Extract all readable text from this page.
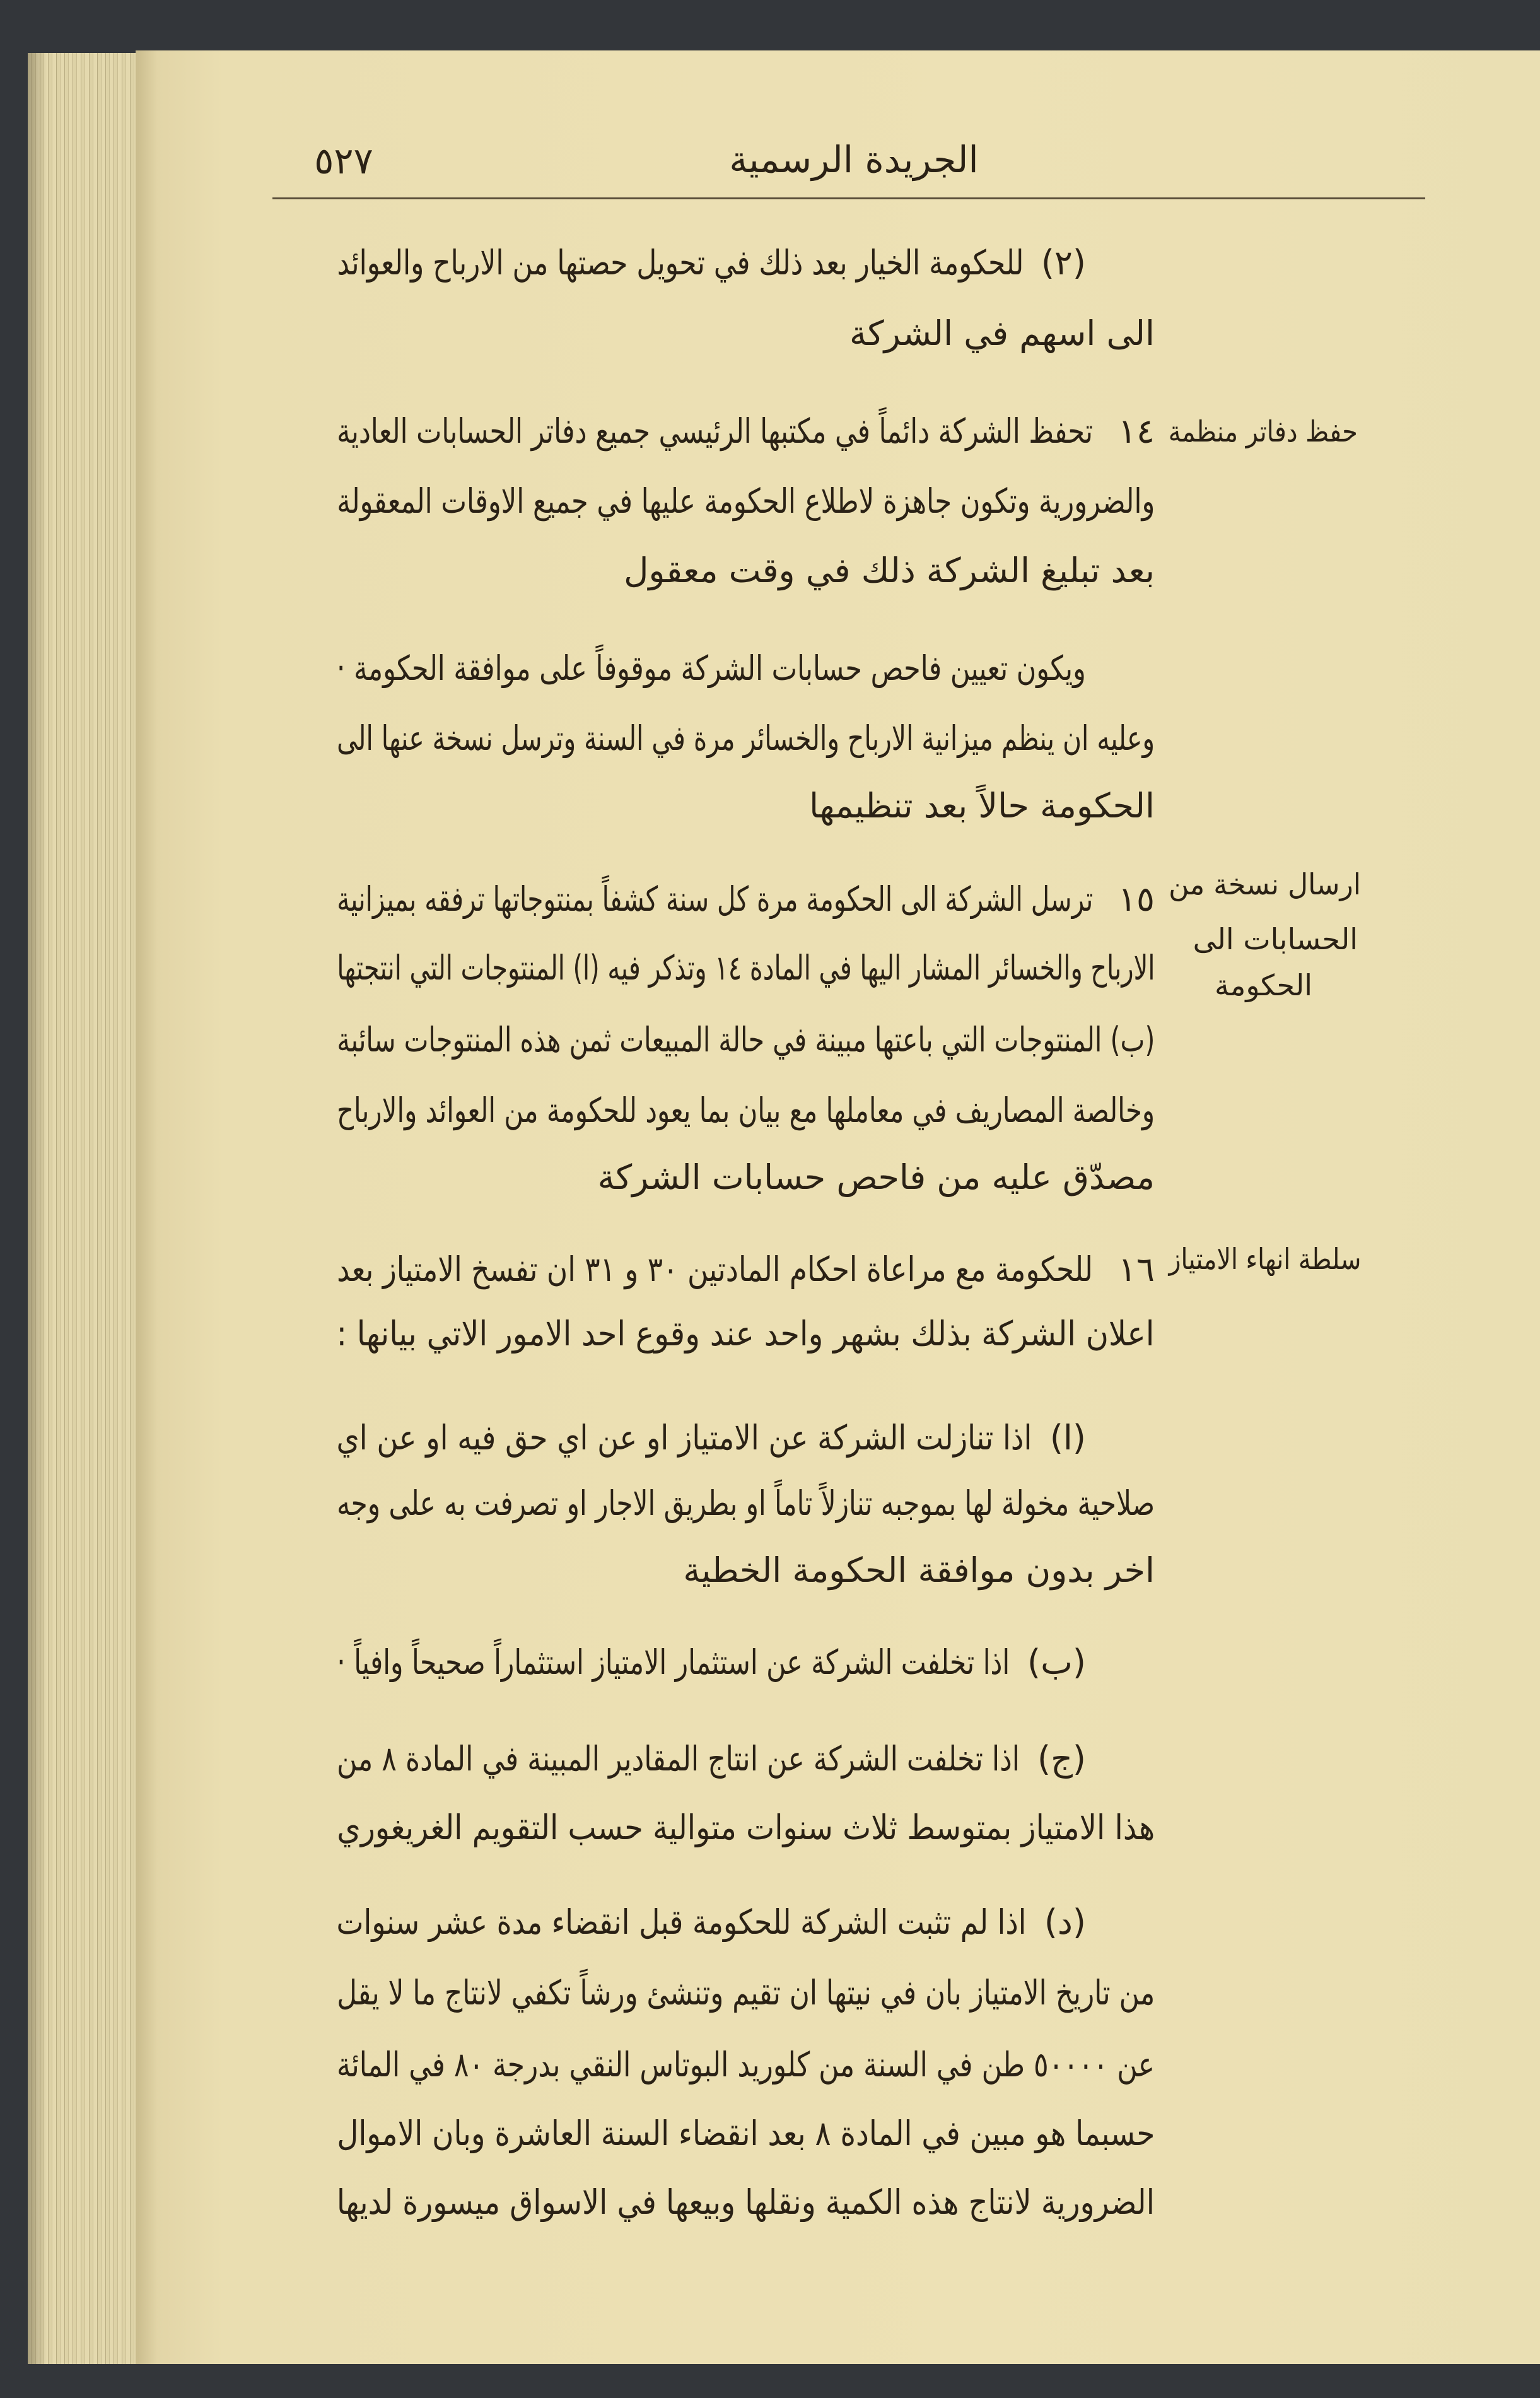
٥٢٧	الجريدة الرسمية
حفظ دفاتر منظمة
ارسال نسخة من
الحسابات الى
الحكومة
سلطة انهاء الامتياز
(٢)
للحكومة الخيار بعد ذلك في تحويل حصتها من الارباح والعوائد
الى اسهم في الشركة
١٤
تحفظ الشركة دائماً في مكتبها الرئيسي جميع دفاتر الحسابات العادية
والضرورية وتكون جاهزة لاطلاع الحكومة عليها في جميع الاوقات المعقولة
بعد تبليغ الشركة ذلك في وقت معقول
ويكون تعيين فاحص حسابات الشركة موقوفاً على موافقة الحكومة ·
وعليه ان ينظم ميزانية الارباح والخسائر مرة في السنة وترسل نسخة عنها الى
الحكومة حالاً بعد تنظيمها
١٥
ترسل الشركة الى الحكومة مرة كل سنة كشفاً بمنتوجاتها ترفقه بميزانية
الارباح والخسائر المشار اليها في المادة ١٤ وتذكر فيه (ا) المنتوجات التي انتجتها
(ب) المنتوجات التي باعتها مبينة في حالة المبيعات ثمن هذه المنتوجات سائبة
وخالصة المصاريف في معاملها مع بيان بما يعود للحكومة من العوائد والارباح
مصدّق عليه من فاحص حسابات الشركة
١٦
للحكومة مع مراعاة احكام المادتين ٣٠ و ٣١ ان تفسخ الامتياز بعد
اعلان الشركة بذلك بشهر واحد عند وقوع احد الامور الاتي بيانها :
(ا)
اذا تنازلت الشركة عن الامتياز او عن اي حق فيه او عن اي
صلاحية مخولة لها بموجبه تنازلاً تاماً او بطريق الاجار او تصرفت به على وجه
اخر بدون موافقة الحكومة الخطية
(ب)
اذا تخلفت الشركة عن استثمار الامتياز استثماراً صحيحاً وافياً ·
(ج)
اذا تخلفت الشركة عن انتاج المقادير المبينة في المادة ٨ من
هذا الامتياز بمتوسط ثلاث سنوات متوالية حسب التقويم الغريغوري
(د)
اذا لم تثبت الشركة للحكومة قبل انقضاء مدة عشر سنوات
من تاريخ الامتياز بان في نيتها ان تقيم وتنشئ ورشاً تكفي لانتاج ما لا يقل
عن ٥٠٠٠٠ طن في السنة من كلوريد البوتاس النقي بدرجة ٨٠ في المائة
حسبما هو مبين في المادة ٨ بعد انقضاء السنة العاشرة وبان الاموال
الضرورية لانتاج هذه الكمية ونقلها وبيعها في الاسواق ميسورة لديها
